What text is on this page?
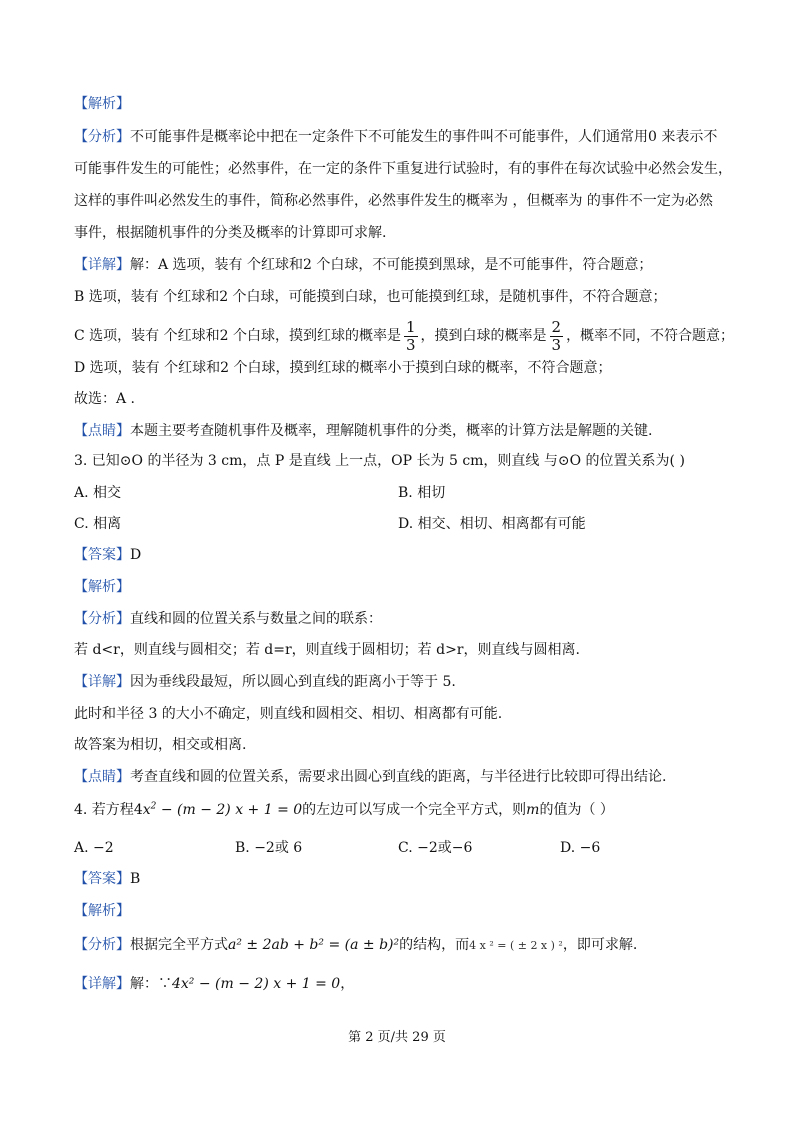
【解析】
【分析】不可能事件是概率论中把在一定条件下不可能发生的事件叫不可能事件，人们通常用0 来表示不
可能事件发生的可能性；必然事件，在一定的条件下重复进行试验时，有的事件在每次试验中必然会发生，
这样的事件叫必然发生的事件，简称必然事件，必然事件发生的概率为 ，但概率为 的事件不一定为必然
事件，根据随机事件的分类及概率的计算即可求解.
【详解】解：A 选项，装有 个红球和2 个白球，不可能摸到黑球，是不可能事件，符合题意；
B 选项，装有 个红球和2 个白球，可能摸到白球，也可能摸到红球，是随机事件，不符合题意；
C 选项，装有 个红球和2 个白球，摸到红球的概率是 $\frac{1}{3}$ ，摸到白球的概率是 $\frac{2}{3}$ ，概率不同，不符合题意；
D 选项，装有 个红球和2 个白球，摸到红球的概率小于摸到白球的概率，不符合题意；
故选：A .
【点睛】本题主要考查随机事件及概率，理解随机事件的分类，概率的计算方法是解题的关键.
3. 已知⊙O 的半径为 3 cm，点 P 是直线 上一点，OP 长为 5 cm，则直线 与⊙O 的位置关系为( )
A. 相交	B. 相切
C. 相离	D. 相交、相切、相离都有可能
【答案】D
【解析】
【分析】直线和圆的位置关系与数量之间的联系：
若 d<r，则直线与圆相交；若 d=r，则直线于圆相切；若 d>r，则直线与圆相离.
【详解】因为垂线段最短，所以圆心到直线的距离小于等于 5.
此时和半径 3 的大小不确定，则直线和圆相交、相切、相离都有可能.
故答案为相切，相交或相离.
【点睛】考查直线和圆的位置关系，需要求出圆心到直线的距离，与半径进行比较即可得出结论.
4. 若方程$4x^2 - (m - 2) x + 1 = 0$的左边可以写成一个完全平方式，则m的值为（ ）
A. −2	B. −2或 6	C. −2或−6	D. −6
【答案】B
【解析】
【分析】根据完全平方式a² ± 2ab + b² = (a ± b)²的结构，而4 x ² = ( ± 2 x ) ²，即可求解.
【详解】解：∵4x² − (m − 2) x + 1 = 0，
第 2 页/共 29 页
